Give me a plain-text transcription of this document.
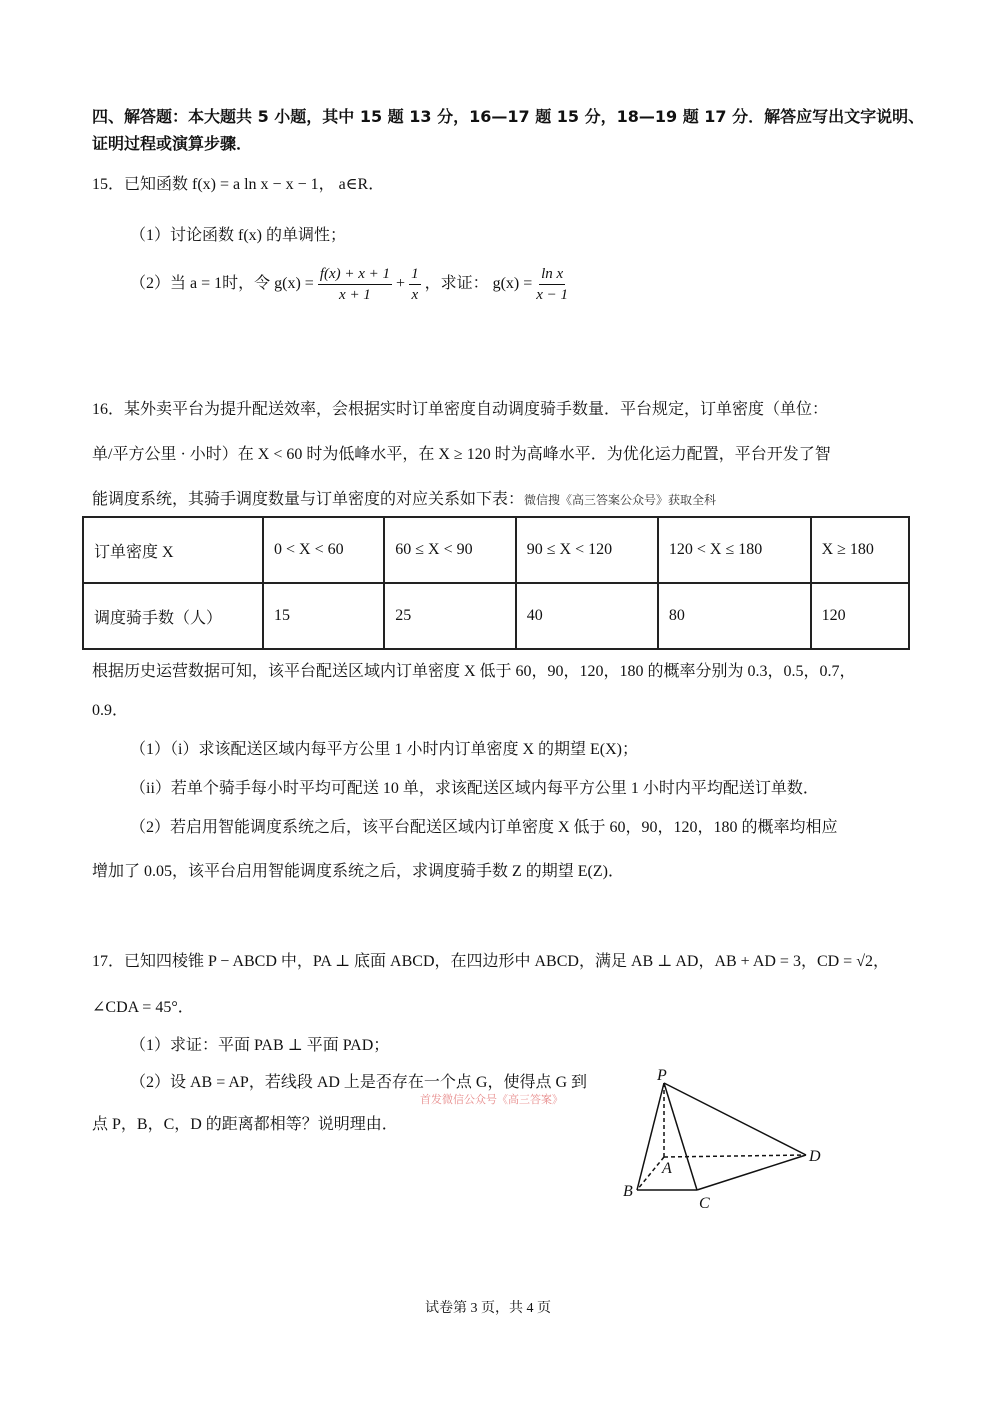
四、解答题：本大题共 5 小题，其中 15 题 13 分，16—17 题 15 分，18—19 题 17 分．解答应写出文字说明、
证明过程或演算步骤．
15．已知函数 f(x) = a ln x − x − 1， a∈R．
（1）讨论函数 f(x) 的单调性；
（2）当 a = 1时，令 $g(x) = \frac{f(x) + x + 1}{x + 1} + \frac{1}{x}$ ，求证： $g(x) = \frac{\text{ln x}}{x - 1}$
16．某外卖平台为提升配送效率，会根据实时订单密度自动调度骑手数量．平台规定，订单密度（单位：
单/平方公里 · 小时）在 X < 60 时为低峰水平，在 X ≥ 120 时为高峰水平．为优化运力配置，平台开发了智
能调度系统，其骑手调度数量与订单密度的对应关系如下表：微信搜《高三答案公众号》获取全科
订单密度 X	0 < X < 60	60 ≤ X < 90	90 ≤ X < 120	120 < X ≤ 180	X ≥ 180
调度骑手数（人）	15	25	40	80	120
根据历史运营数据可知，该平台配送区域内订单密度 X 低于 60，90，120，180 的概率分别为 0.3，0.5，0.7，
0.9．
（1）（i）求该配送区域内每平方公里 1 小时内订单密度 X 的期望 E(X)；
（ii）若单个骑手每小时平均可配送 10 单，求该配送区域内每平方公里 1 小时内平均配送订单数．
（2）若启用智能调度系统之后，该平台配送区域内订单密度 X 低于 60，90，120，180 的概率均相应
增加了 0.05，该平台启用智能调度系统之后，求调度骑手数 Z 的期望 E(Z)．
17．已知四棱锥 P − ABCD 中，PA ⊥ 底面 ABCD，在四边形中 ABCD，满足 AB ⊥ AD，AB + AD = 3，CD = √2，
∠CDA = 45°．
（1）求证：平面 PAB ⊥ 平面 PAD；
（2）设 AB = AP，若线段 AD 上是否存在一个点 G，使得点 G 到
首发微信公众号《高三答案》
点 P，B，C，D 的距离都相等？说明理由．
P
A
B
C
D
试卷第 3 页，共 4 页
